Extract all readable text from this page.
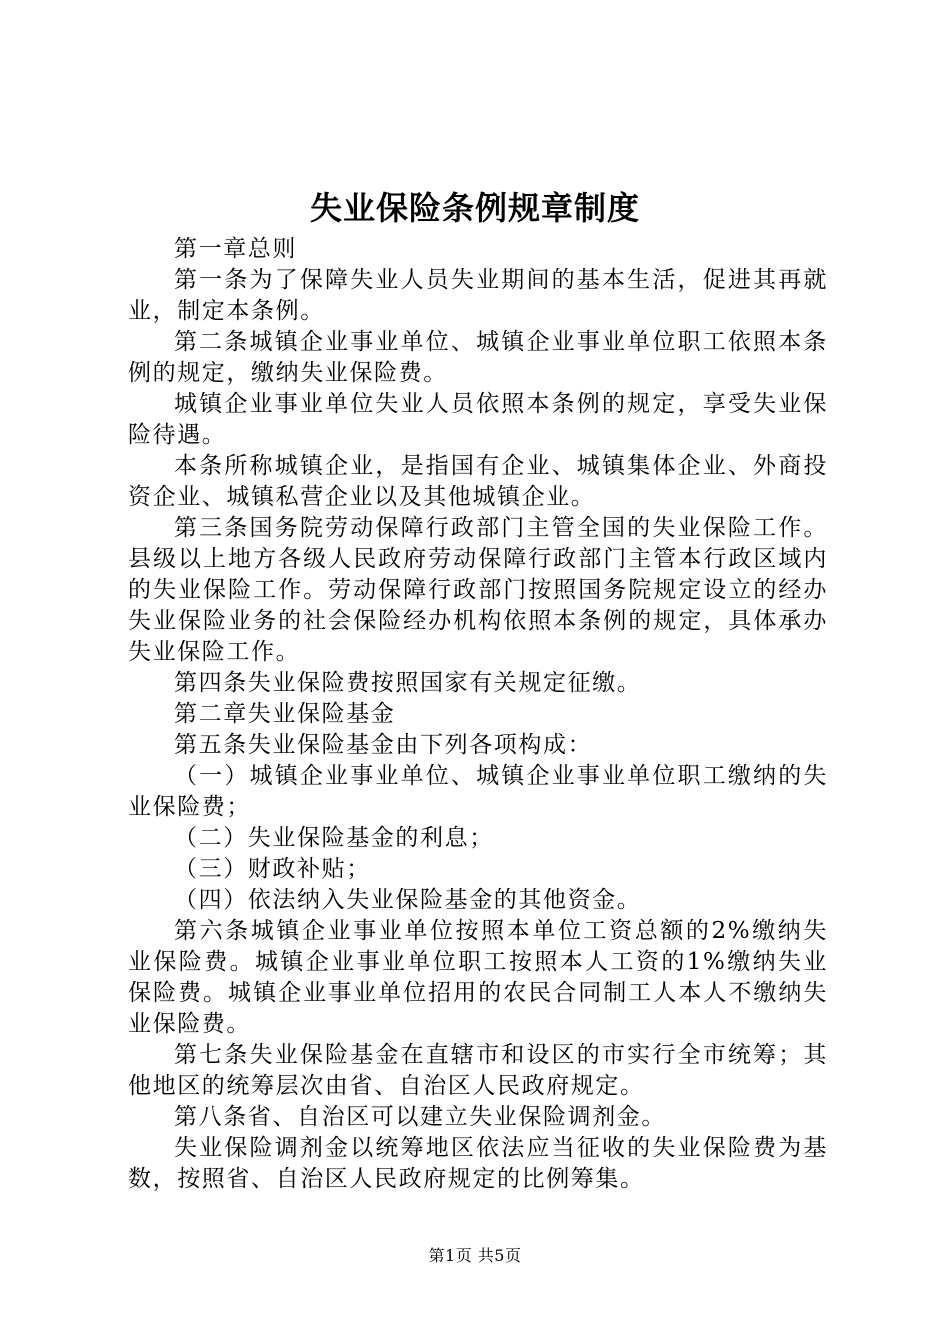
失业保险条例规章制度

第一章总则

第一条为了保障失业人员失业期间的基本生活，促进其再就业，制定本条例。

第二条城镇企业事业单位、城镇企业事业单位职工依照本条例的规定，缴纳失业保险费。

城镇企业事业单位失业人员依照本条例的规定，享受失业保险待遇。

本条所称城镇企业，是指国有企业、城镇集体企业、外商投资企业、城镇私营企业以及其他城镇企业。

第三条国务院劳动保障行政部门主管全国的失业保险工作。县级以上地方各级人民政府劳动保障行政部门主管本行政区域内的失业保险工作。劳动保障行政部门按照国务院规定设立的经办失业保险业务的社会保险经办机构依照本条例的规定，具体承办失业保险工作。

第四条失业保险费按照国家有关规定征缴。

第二章失业保险基金

第五条失业保险基金由下列各项构成：

（一）城镇企业事业单位、城镇企业事业单位职工缴纳的失业保险费；

（二）失业保险基金的利息；

（三）财政补贴；

（四）依法纳入失业保险基金的其他资金。

第六条城镇企业事业单位按照本单位工资总额的2%缴纳失业保险费。城镇企业事业单位职工按照本人工资的1%缴纳失业保险费。城镇企业事业单位招用的农民合同制工人本人不缴纳失业保险费。

第七条失业保险基金在直辖市和设区的市实行全市统筹；其他地区的统筹层次由省、自治区人民政府规定。

第八条省、自治区可以建立失业保险调剂金。

失业保险调剂金以统筹地区依法应当征收的失业保险费为基数，按照省、自治区人民政府规定的比例筹集。

第1页 共5页
